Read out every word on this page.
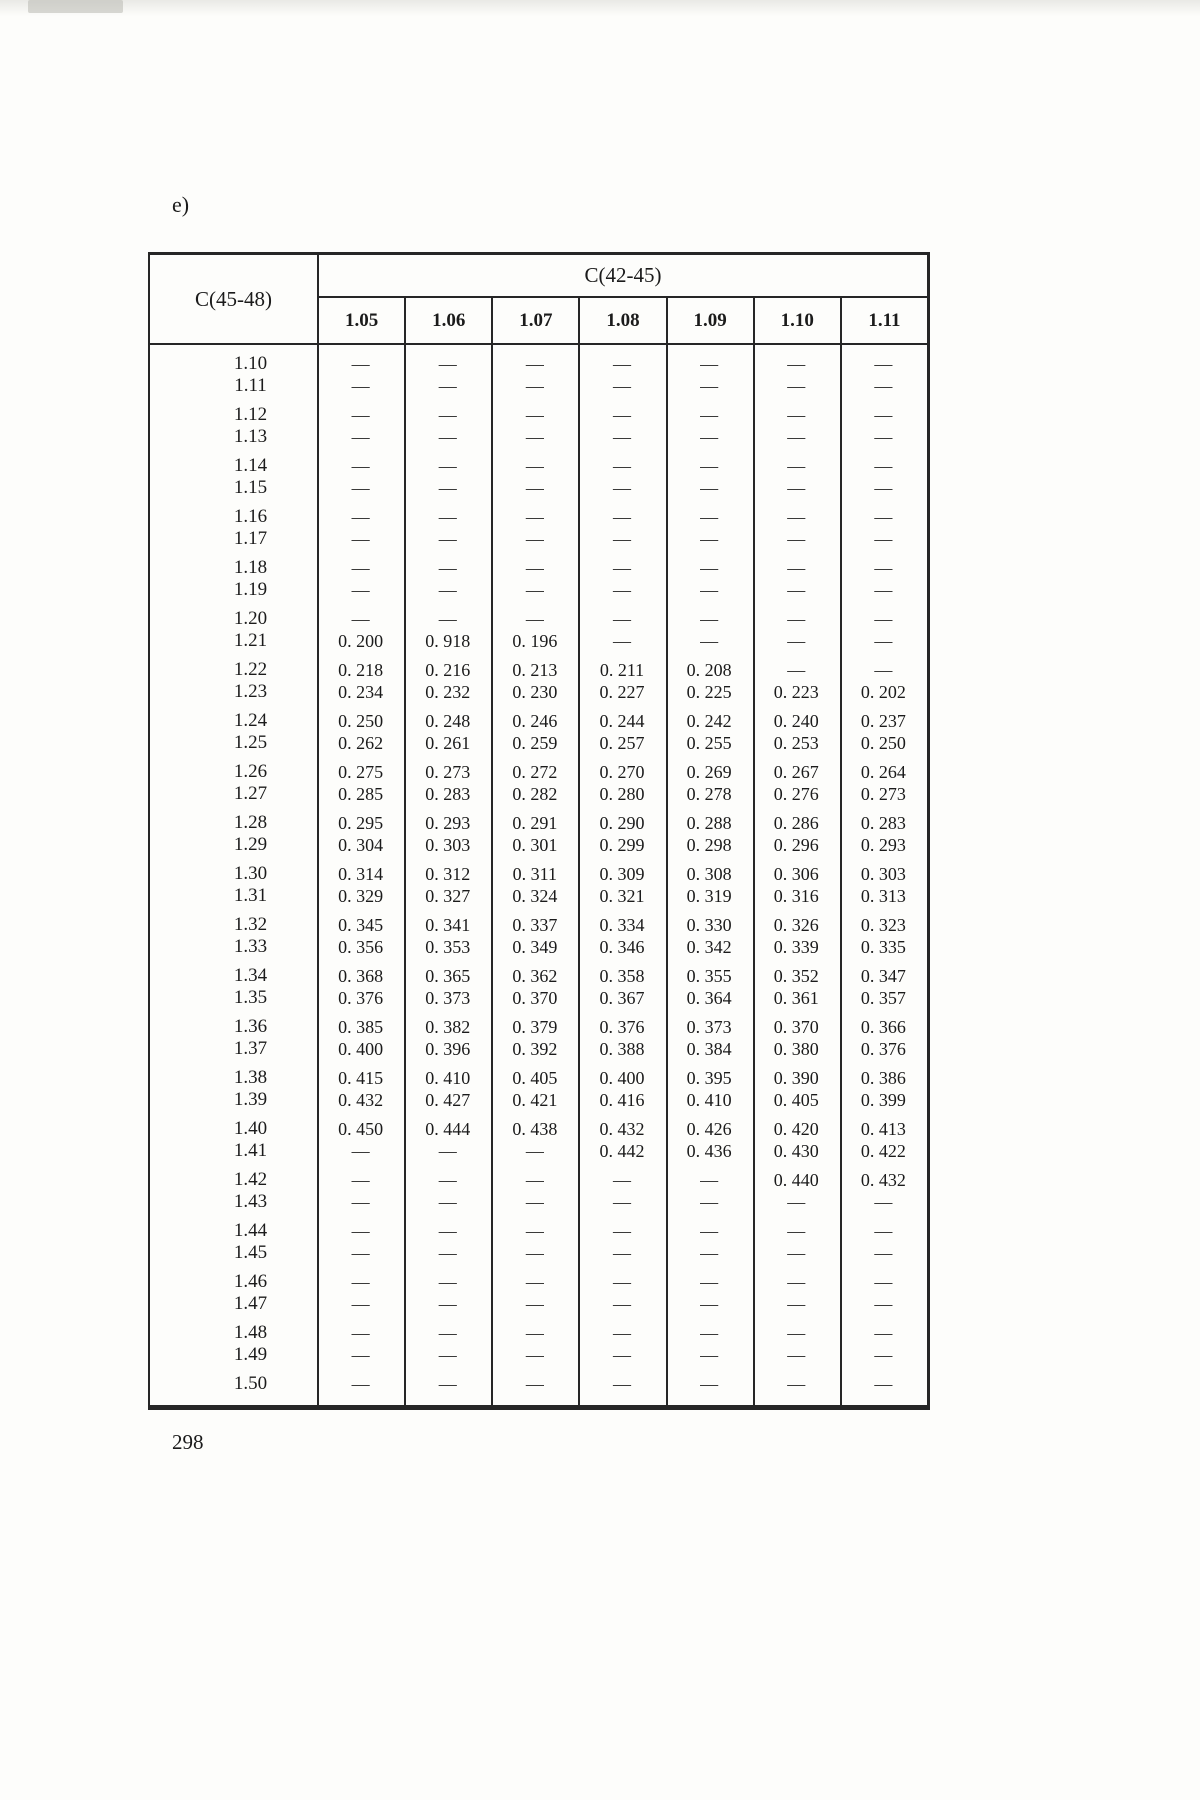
e)
C(45-48)
C(42-45)
1.05	1.06	1.07	1.08	1.09	1.10	1.11
1.10	—	—	—	—	—	—	—
1.11	—	—	—	—	—	—	—
1.12	—	—	—	—	—	—	—
1.13	—	—	—	—	—	—	—
1.14	—	—	—	—	—	—	—
1.15	—	—	—	—	—	—	—
1.16	—	—	—	—	—	—	—
1.17	—	—	—	—	—	—	—
1.18	—	—	—	—	—	—	—
1.19	—	—	—	—	—	—	—
1.20	—	—	—	—	—	—	—
1.21	0. 200	0. 918	0. 196	—	—	—	—
1.22	0. 218	0. 216	0. 213	0. 211	0. 208	—	—
1.23	0. 234	0. 232	0. 230	0. 227	0. 225	0. 223	0. 202
1.24	0. 250	0. 248	0. 246	0. 244	0. 242	0. 240	0. 237
1.25	0. 262	0. 261	0. 259	0. 257	0. 255	0. 253	0. 250
1.26	0. 275	0. 273	0. 272	0. 270	0. 269	0. 267	0. 264
1.27	0. 285	0. 283	0. 282	0. 280	0. 278	0. 276	0. 273
1.28	0. 295	0. 293	0. 291	0. 290	0. 288	0. 286	0. 283
1.29	0. 304	0. 303	0. 301	0. 299	0. 298	0. 296	0. 293
1.30	0. 314	0. 312	0. 311	0. 309	0. 308	0. 306	0. 303
1.31	0. 329	0. 327	0. 324	0. 321	0. 319	0. 316	0. 313
1.32	0. 345	0. 341	0. 337	0. 334	0. 330	0. 326	0. 323
1.33	0. 356	0. 353	0. 349	0. 346	0. 342	0. 339	0. 335
1.34	0. 368	0. 365	0. 362	0. 358	0. 355	0. 352	0. 347
1.35	0. 376	0. 373	0. 370	0. 367	0. 364	0. 361	0. 357
1.36	0. 385	0. 382	0. 379	0. 376	0. 373	0. 370	0. 366
1.37	0. 400	0. 396	0. 392	0. 388	0. 384	0. 380	0. 376
1.38	0. 415	0. 410	0. 405	0. 400	0. 395	0. 390	0. 386
1.39	0. 432	0. 427	0. 421	0. 416	0. 410	0. 405	0. 399
1.40	0. 450	0. 444	0. 438	0. 432	0. 426	0. 420	0. 413
1.41	—	—	—	0. 442	0. 436	0. 430	0. 422
1.42	—	—	—	—	—	0. 440	0. 432
1.43	—	—	—	—	—	—	—
1.44	—	—	—	—	—	—	—
1.45	—	—	—	—	—	—	—
1.46	—	—	—	—	—	—	—
1.47	—	—	—	—	—	—	—
1.48	—	—	—	—	—	—	—
1.49	—	—	—	—	—	—	—
1.50	—	—	—	—	—	—	—
298
